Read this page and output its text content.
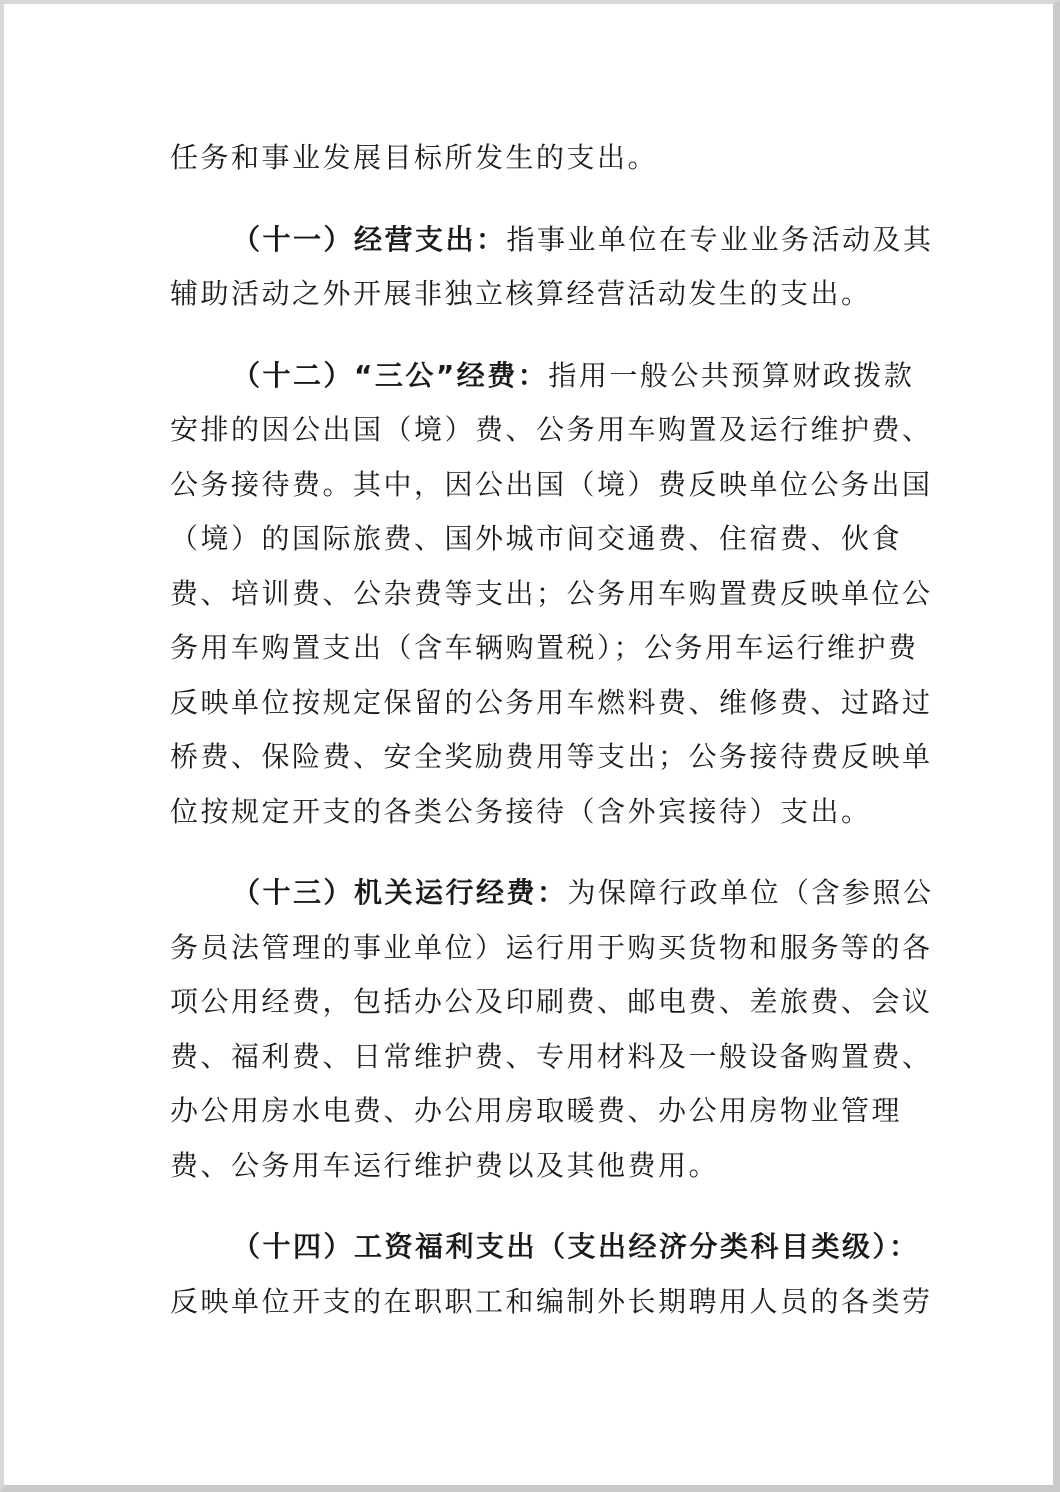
任务和事业发展目标所发生的支出。
（十一）经营支出：指事业单位在专业业务活动及其
辅助活动之外开展非独立核算经营活动发生的支出。
（十二）“三公”经费：指用一般公共预算财政拨款
安排的因公出国（境）费、公务用车购置及运行维护费、
公务接待费。其中，因公出国（境）费反映单位公务出国
（境）的国际旅费、国外城市间交通费、住宿费、伙食
费、培训费、公杂费等支出；公务用车购置费反映单位公
务用车购置支出（含车辆购置税）；公务用车运行维护费
反映单位按规定保留的公务用车燃料费、维修费、过路过
桥费、保险费、安全奖励费用等支出；公务接待费反映单
位按规定开支的各类公务接待（含外宾接待）支出。
（十三）机关运行经费：为保障行政单位（含参照公
务员法管理的事业单位）运行用于购买货物和服务等的各
项公用经费，包括办公及印刷费、邮电费、差旅费、会议
费、福利费、日常维护费、专用材料及一般设备购置费、
办公用房水电费、办公用房取暖费、办公用房物业管理
费、公务用车运行维护费以及其他费用。
（十四）工资福利支出（支出经济分类科目类级）：
反映单位开支的在职职工和编制外长期聘用人员的各类劳
